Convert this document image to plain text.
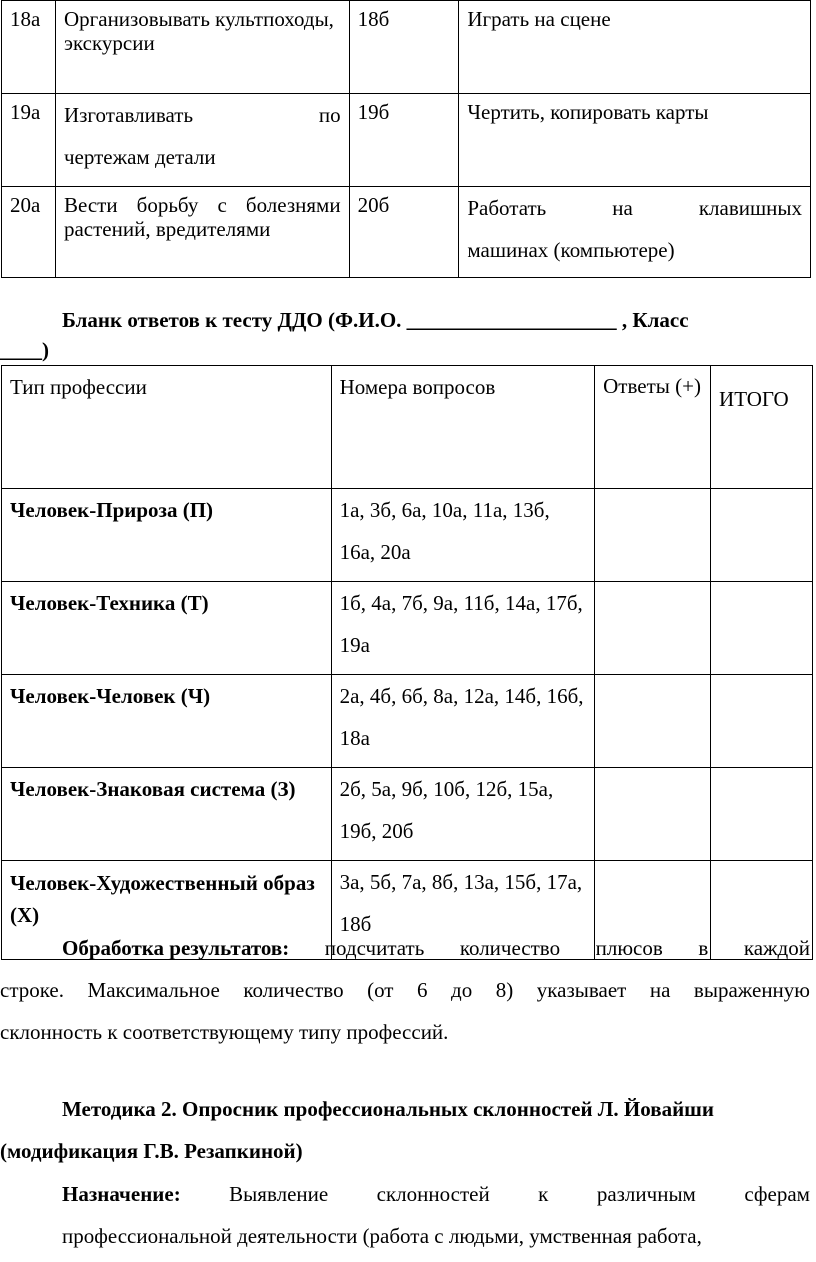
18а	Организовывать культпоходы, экскурсии	18б	Играть на сцене
19а	Изготавливать по
чертежам детали	19б	Чертить, копировать карты
20а	Вести борьбу с болезнями растений, вредителями	20б	Работать на клавишных
машинах (компьютере)
Бланк ответов к тесту ДДО (Ф.И.О. ____________________ , Класс
____)
Тип профессии	Номера вопросов	Ответы (+)	ИТОГО
Человек-Прироза (П)	1а, 3б, 6а, 10а, 11а, 13б, 16а, 20а		
Человек-Техника (Т)	1б, 4а, 7б, 9а, 11б, 14а, 17б, 19а		
Человек-Человек (Ч)	2а, 4б, 6б, 8а, 12а, 14б, 16б, 18а		
Человек-Знаковая система (З)	2б, 5а, 9б, 10б, 12б, 15а, 19б, 20б		
Человек-Художественный образ (Х)	3а, 5б, 7а, 8б, 13а, 15б, 17а, 18б		
Обработка результатов: подсчитать количество плюсов в каждой
строке. Максимальное количество (от 6 до 8) указывает на выраженную
склонность к соответствующему типу профессий.
Методика 2. Опросник профессиональных склонностей Л. Йовайши
(модификация Г.В. Резапкиной)
Назначение: Выявление склонностей к различным сферам
профессиональной деятельности (работа с людьми, умственная работа,
